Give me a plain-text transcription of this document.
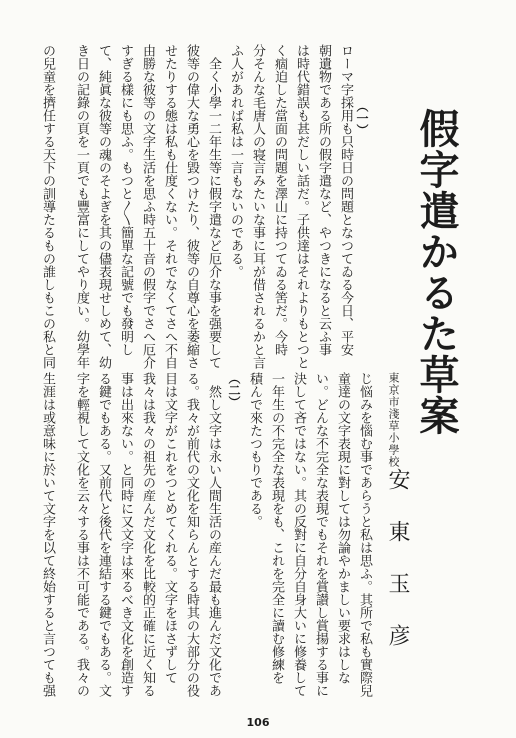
假字遣かるた草案
東京市淺草小學校
安東玉彦
（一）
ローマ字採用も只時日の問題となつてゐる今日、平安
朝遺物である所の假字遣など、やつきになると云ふ事
は時代錯誤も甚だしい話だ。子供達はそれよりもとつと
く痼迫した當面の問題を澤山に持つてゐる筈だ。今時
分そんな毛唐人の寝言みたいな事に耳が借されるかと言
ふ人があれば私は一言もないのである。
　全く小學一二年生等に假字遣など厄介な事を强要して
彼等の偉大な勇心を毀つけたり、彼等の自尊心を萎縮さ
せたりする態は私も仕度くない。それでなくてさへ不自
由勝な彼等の文字生活を思ふ時五十音の假字でさへ厄介
すぎる樣にも思ふ。もつと〳〵簡單な記號でも發明し
て、純眞な彼等の魂のそよぎを其の儘表現せしめて、幼
き日の記錄の頁を一頁でも豐富にしてやり度い。幼學年
の兒童を擠任する天下の訓導たるもの誰しもこの私と同
じ悩みを惱む事であらうと私は思ふ。其所で私も實際兒
童達の文字表現に對しては勿論やかましい要求はしな
い。どんな不完全な表現でもそれを賞讃し賞揚する事に
決して吝ではない。其の反對に自分自身大いに修養して
一年生の不完全な表現をも、これを完全に讀む修練を
積んで來たつもりである。
（二）
　然し文字は永い人間生活の産んだ最も進んだ文化であ
る。我々が前代の文化を知らんとする時其の大部分の役
目は文字がこれをつとめてくれる。文字をほさずして
我々は我々の祖先の産んだ文化を比較的正確に近く知る
事は出來ない。と同時に又文字は來るべき文化を創造す
る鍵でもある。又前代と後代を連結する鍵でもある。文
字を輕視して文化を云々する事は不可能である。我々の
生涯は或意味に於いて文字を以て終始すると言つても强
106
